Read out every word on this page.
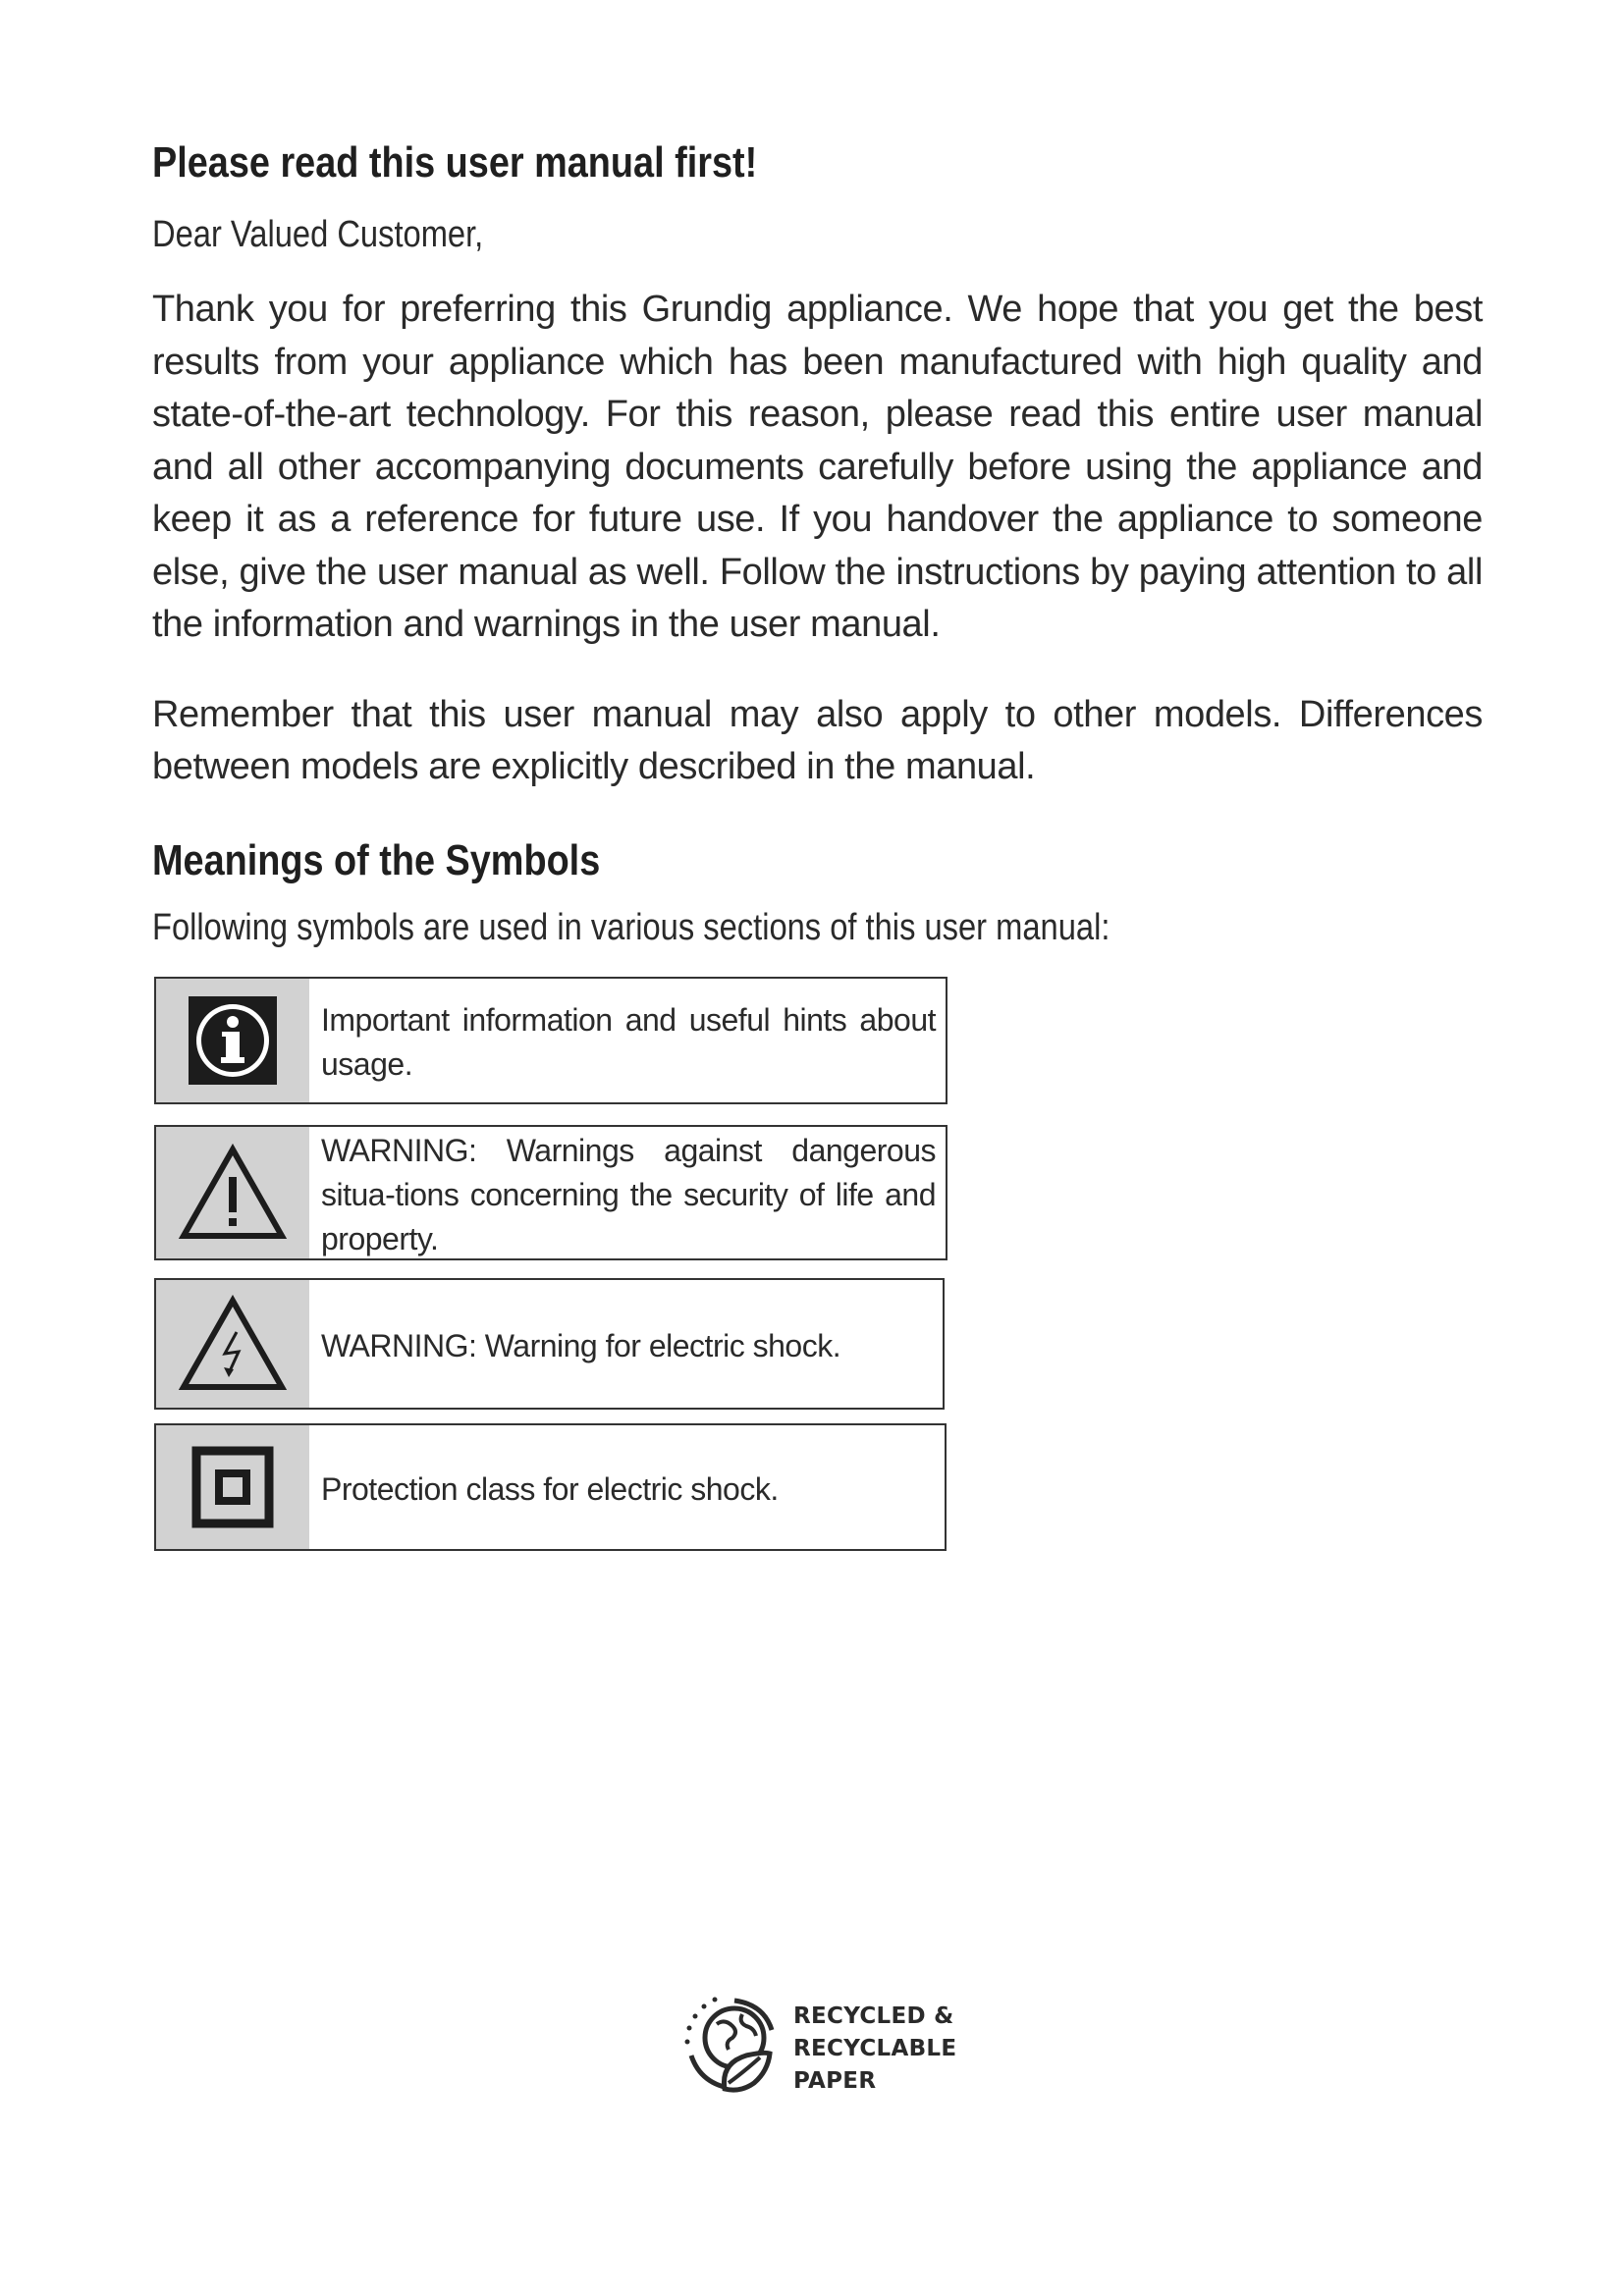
Please read this user manual first!
Dear Valued Customer,

Thank you for preferring this Grundig appliance. We hope that you get the best results from your appliance which has been manufactured with high quality and state-of-the-art technology. For this reason, please read this entire user manual and all other accompanying documents carefully before using the appliance and keep it as a reference for future use. If you handover the appliance to someone else, give the user manual as well. Follow the instructions by paying attention to all the information and warnings in the user manual.

Remember that this user manual may also apply to other models. Differences between models are explicitly described in the manual.

Meanings of the Symbols
Following symbols are used in various sections of this user manual:
Important information and useful hints about usage.
WARNING: Warnings against dangerous situa-tions concerning the security of life and property.
WARNING: Warning for electric shock.
Protection class for electric shock.
RECYCLED &
RECYCLABLE
PAPER
